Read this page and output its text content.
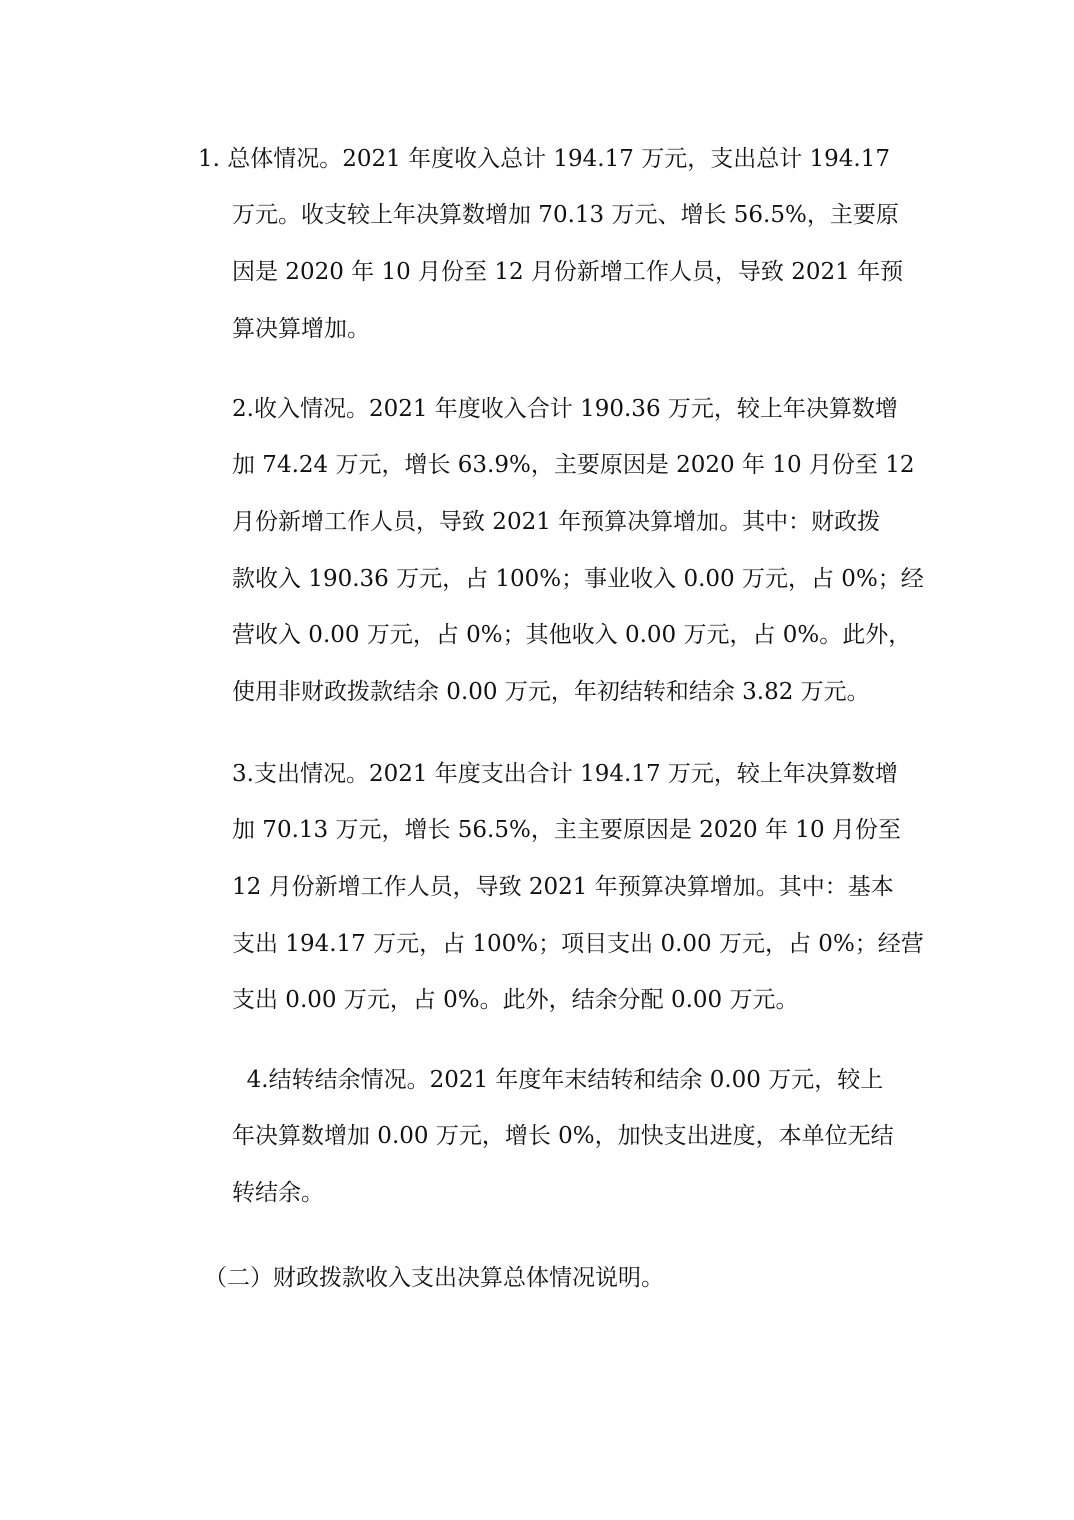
1. 总体情况。2021 年度收入总计 194.17 万元，支出总计 194.17
万元。收支较上年决算数增加 70.13 万元、增长 56.5%，主要原
因是 2020 年 10 月份至 12 月份新增工作人员，导致 2021 年预
算决算增加。
2.收入情况。2021 年度收入合计 190.36 万元，较上年决算数增
加 74.24 万元，增长 63.9%，主要原因是 2020 年 10 月份至 12
月份新增工作人员，导致 2021 年预算决算增加。其中：财政拨
款收入 190.36 万元，占 100%；事业收入 0.00 万元，占 0%；经
营收入 0.00 万元，占 0%；其他收入 0.00 万元，占 0%。此外，
使用非财政拨款结余 0.00 万元，年初结转和结余 3.82 万元。
3.支出情况。2021 年度支出合计 194.17 万元，较上年决算数增
加 70.13 万元，增长 56.5%，主主要原因是 2020 年 10 月份至
12 月份新增工作人员，导致 2021 年预算决算增加。其中：基本
支出 194.17 万元，占 100%；项目支出 0.00 万元，占 0%；经营
支出 0.00 万元，占 0%。此外，结余分配 0.00 万元。
4.结转结余情况。2021 年度年末结转和结余 0.00 万元，较上
年决算数增加 0.00 万元，增长 0%，加快支出进度，本单位无结
转结余。
（二）财政拨款收入支出决算总体情况说明。
